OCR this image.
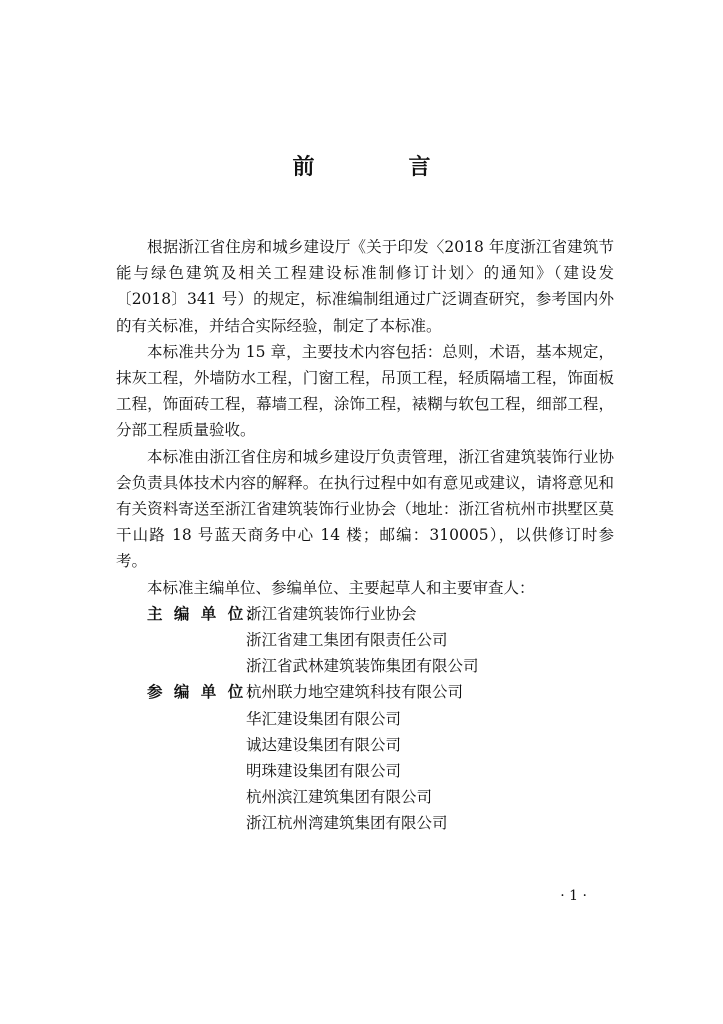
前　言

根据浙江省住房和城乡建设厅《关于印发〈2018 年度浙江省建筑节能与绿色建筑及相关工程建设标准制修订计划〉的通知》（建设发〔2018〕341 号）的规定，标准编制组通过广泛调查研究，参考国内外的有关标准，并结合实际经验，制定了本标准。

本标准共分为 15 章，主要技术内容包括：总则，术语，基本规定，抹灰工程，外墙防水工程，门窗工程，吊顶工程，轻质隔墙工程，饰面板工程，饰面砖工程，幕墙工程，涂饰工程，裱糊与软包工程，细部工程，分部工程质量验收。

本标准由浙江省住房和城乡建设厅负责管理，浙江省建筑装饰行业协会负责具体技术内容的解释。在执行过程中如有意见或建议，请将意见和有关资料寄送至浙江省建筑装饰行业协会（地址：浙江省杭州市拱墅区莫干山路 18 号蓝天商务中心 14 楼；邮编：310005），以供修订时参考。

本标准主编单位、参编单位、主要起草人和主要审查人：

主 编 单 位：
浙江省建筑装饰行业协会
浙江省建工集团有限责任公司
浙江省武林建筑装饰集团有限公司
参 编 单 位：
杭州联力地空建筑科技有限公司
华汇建设集团有限公司
诚达建设集团有限公司
明珠建设集团有限公司
杭州滨江建筑集团有限公司
浙江杭州湾建筑集团有限公司
· 1 ·
